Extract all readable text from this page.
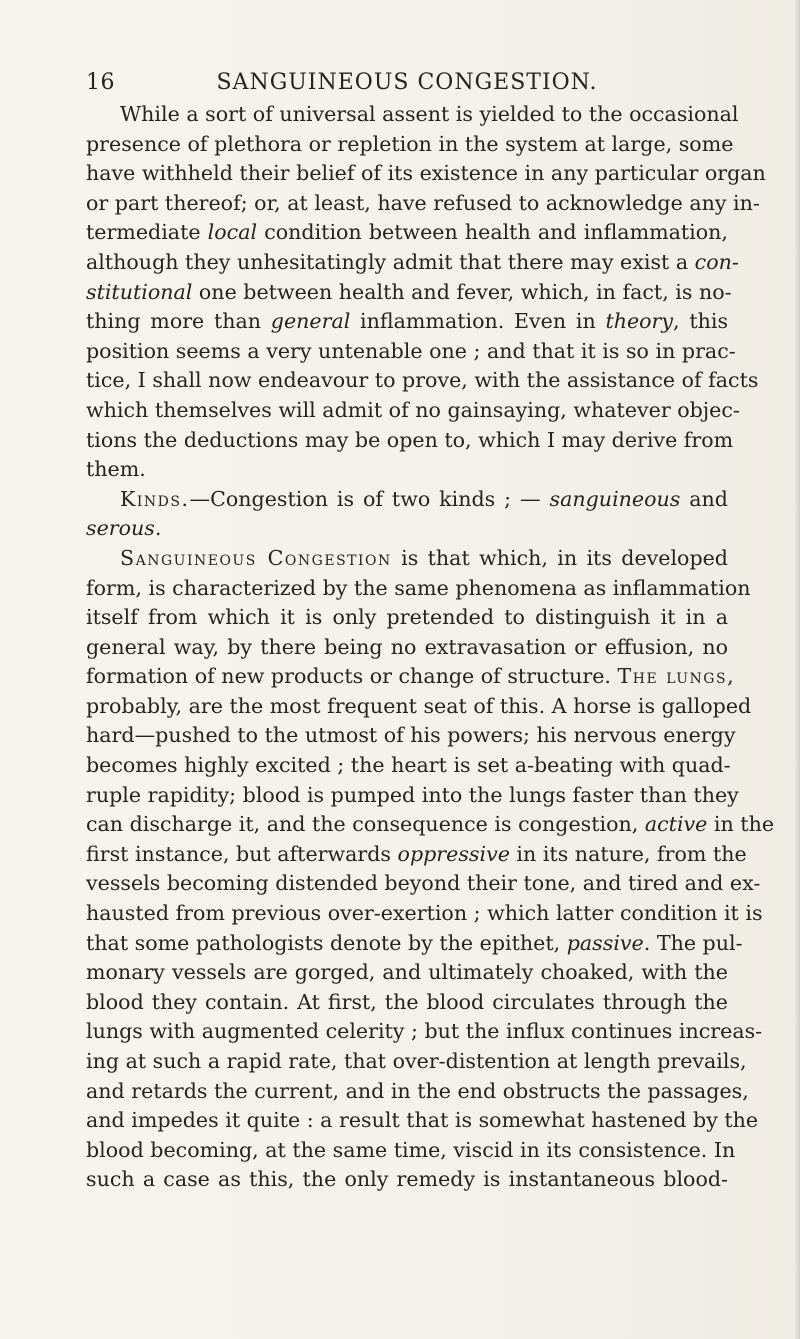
16	SANGUINEOUS CONGESTION.
While a sort of universal assent is yielded to the occasional
presence of plethora or repletion in the system at large, some
have withheld their belief of its existence in any particular organ
or part thereof; or, at least, have refused to acknowledge any in-
termediate local condition between health and inflammation,
although they unhesitatingly admit that there may exist a con-
stitutional one between health and fever, which, in fact, is no-
thing more than general inflammation. Even in theory, this
position seems a very untenable one ; and that it is so in prac-
tice, I shall now endeavour to prove, with the assistance of facts
which themselves will admit of no gainsaying, whatever objec-
tions the deductions may be open to, which I may derive from
them.
Kinds.—Congestion is of two kinds ; — sanguineous and
serous.
Sanguineous Congestion is that which, in its developed
form, is characterized by the same phenomena as inflammation
itself from which it is only pretended to distinguish it in a
general way, by there being no extravasation or effusion, no
formation of new products or change of structure. The lungs,
probably, are the most frequent seat of this. A horse is galloped
hard—pushed to the utmost of his powers; his nervous energy
becomes highly excited ; the heart is set a-beating with quad-
ruple rapidity; blood is pumped into the lungs faster than they
can discharge it, and the consequence is congestion, active in the
first instance, but afterwards oppressive in its nature, from the
vessels becoming distended beyond their tone, and tired and ex-
hausted from previous over-exertion ; which latter condition it is
that some pathologists denote by the epithet, passive. The pul-
monary vessels are gorged, and ultimately choaked, with the
blood they contain. At first, the blood circulates through the
lungs with augmented celerity ; but the influx continues increas-
ing at such a rapid rate, that over-distention at length prevails,
and retards the current, and in the end obstructs the passages,
and impedes it quite : a result that is somewhat hastened by the
blood becoming, at the same time, viscid in its consistence. In
such a case as this, the only remedy is instantaneous blood-
